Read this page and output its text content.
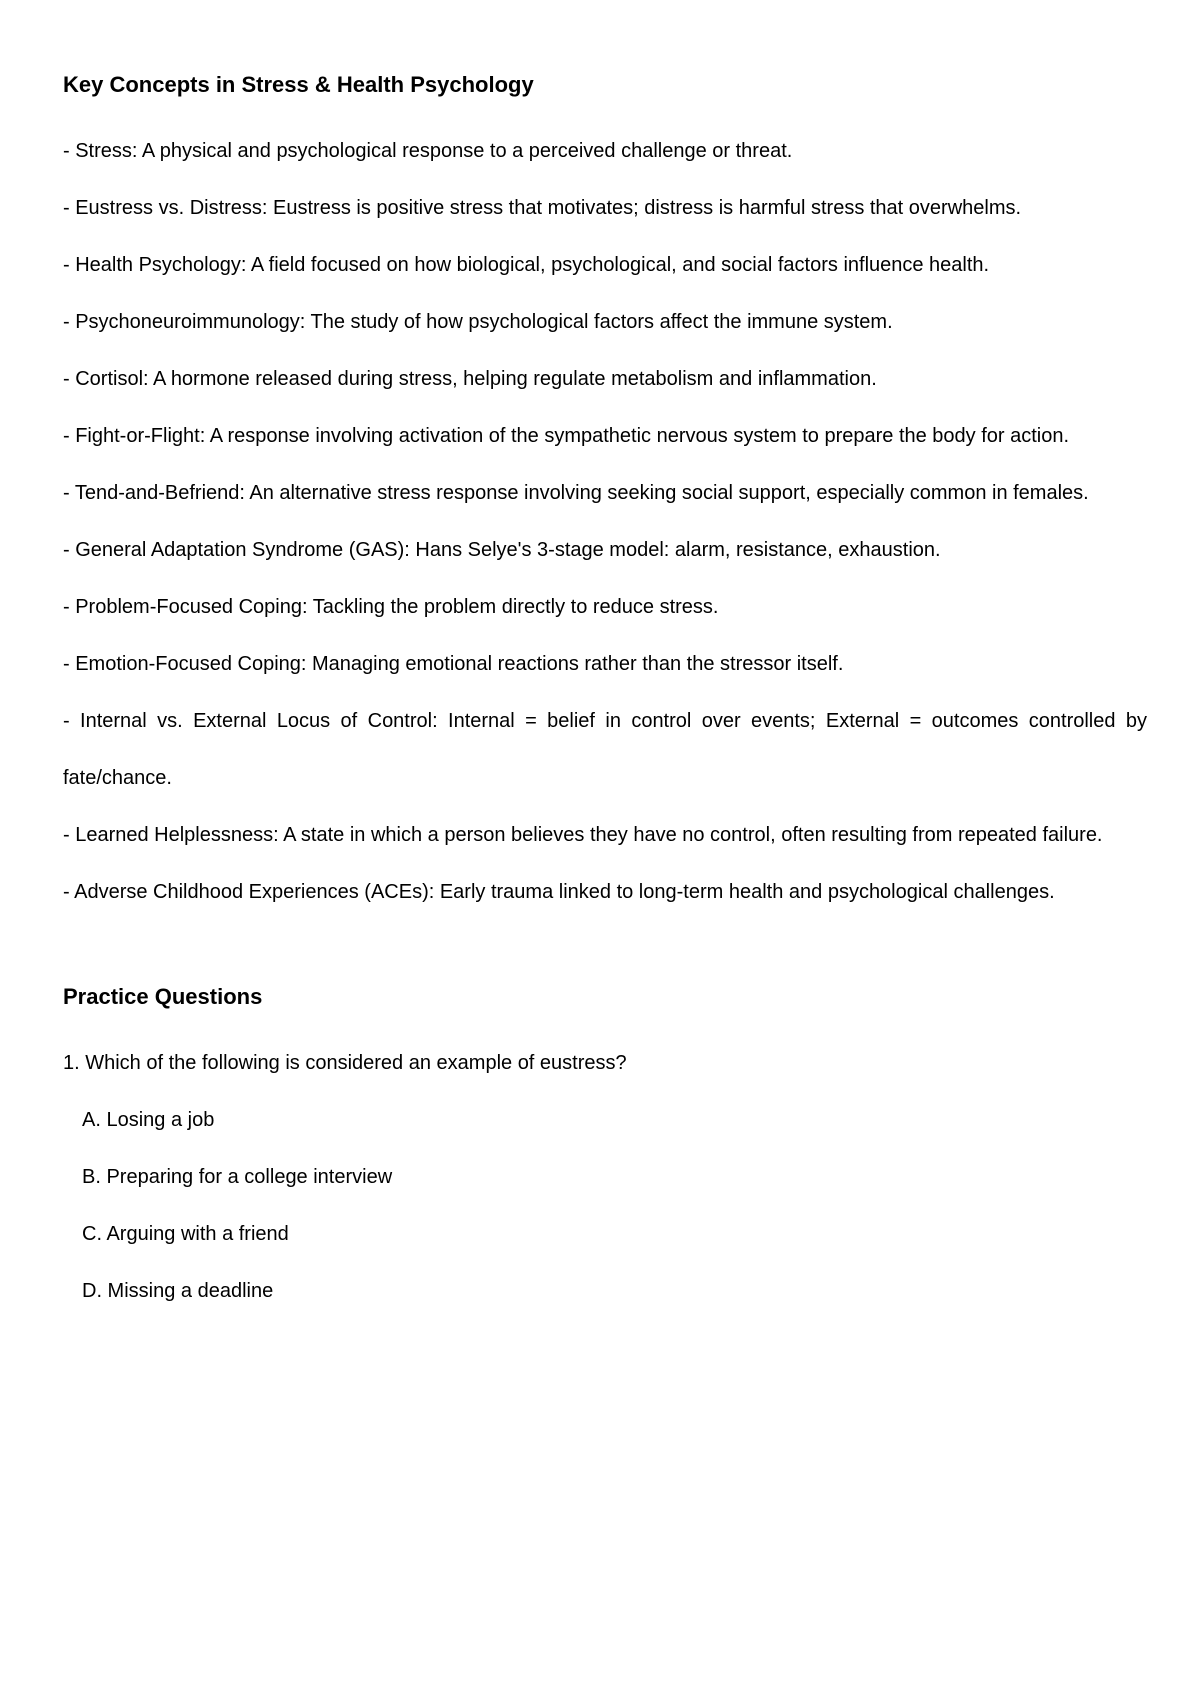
Key Concepts in Stress & Health Psychology

- Stress: A physical and psychological response to a perceived challenge or threat.

- Eustress vs. Distress: Eustress is positive stress that motivates; distress is harmful stress that overwhelms.

- Health Psychology: A field focused on how biological, psychological, and social factors influence health.

- Psychoneuroimmunology: The study of how psychological factors affect the immune system.

- Cortisol: A hormone released during stress, helping regulate metabolism and inflammation.

- Fight-or-Flight: A response involving activation of the sympathetic nervous system to prepare the body for action.

- Tend-and-Befriend: An alternative stress response involving seeking social support, especially common in females.

- General Adaptation Syndrome (GAS): Hans Selye's 3-stage model: alarm, resistance, exhaustion.

- Problem-Focused Coping: Tackling the problem directly to reduce stress.

- Emotion-Focused Coping: Managing emotional reactions rather than the stressor itself.

- Internal vs. External Locus of Control: Internal = belief in control over events; External = outcomes controlled by fate/chance.

- Learned Helplessness: A state in which a person believes they have no control, often resulting from repeated failure.

- Adverse Childhood Experiences (ACEs): Early trauma linked to long-term health and psychological challenges.

Practice Questions

1. Which of the following is considered an example of eustress?

A. Losing a job

B. Preparing for a college interview

C. Arguing with a friend

D. Missing a deadline
